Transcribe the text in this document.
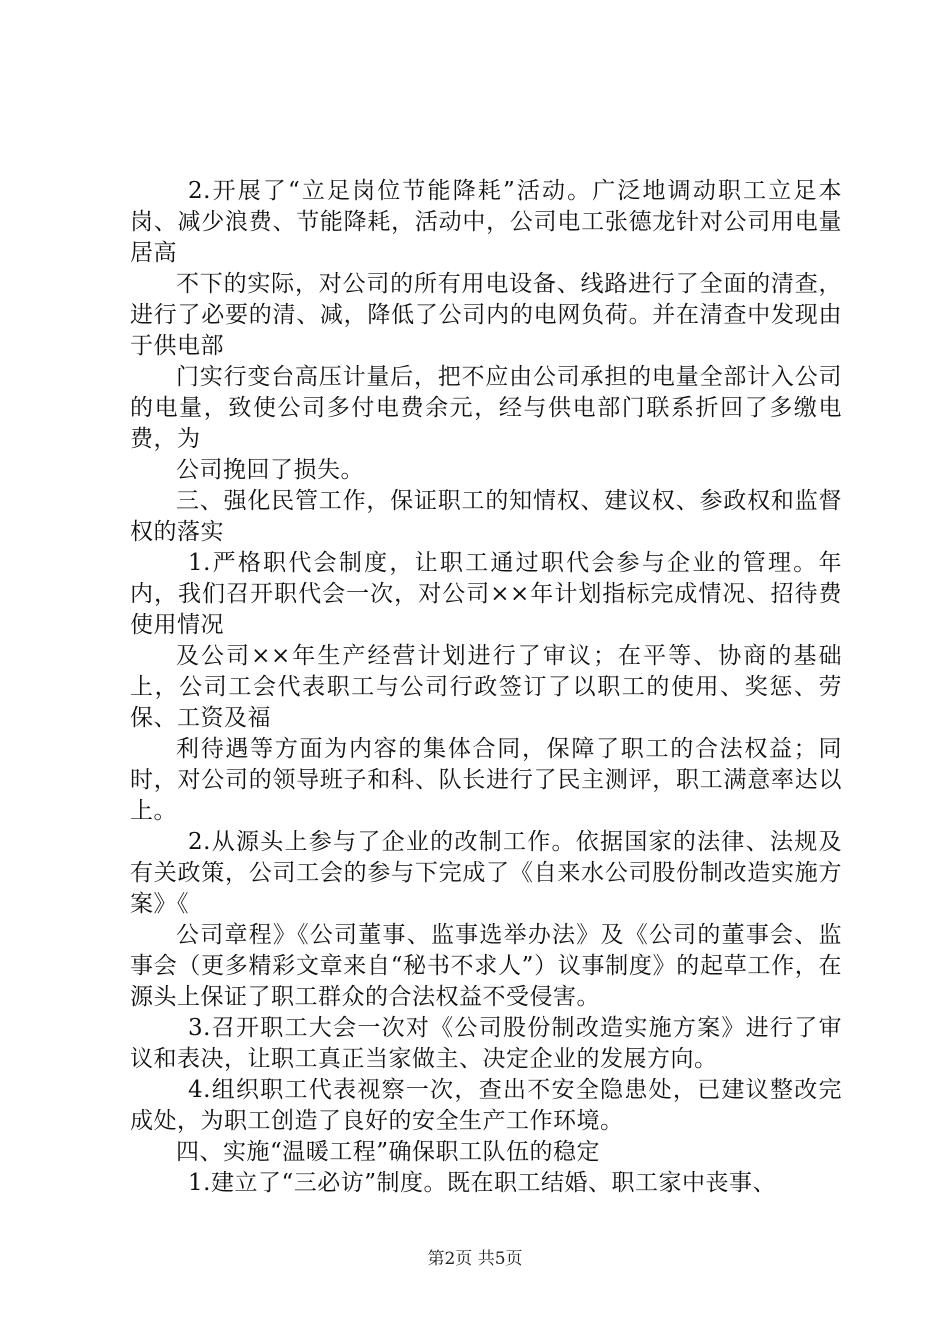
2.开展了“立足岗位节能降耗”活动。广泛地调动职工立足本岗、减少浪费、节能降耗，活动中，公司电工张德龙针对公司用电量居高

不下的实际，对公司的所有用电设备、线路进行了全面的清查，进行了必要的清、减，降低了公司内的电网负荷。并在清查中发现由于供电部

门实行变台高压计量后，把不应由公司承担的电量全部计入公司的电量，致使公司多付电费余元，经与供电部门联系折回了多缴电费，为

公司挽回了损失。

三、强化民管工作，保证职工的知情权、建议权、参政权和监督权的落实

1.严格职代会制度，让职工通过职代会参与企业的管理。年内，我们召开职代会一次，对公司××年计划指标完成情况、招待费使用情况

及公司××年生产经营计划进行了审议；在平等、协商的基础上，公司工会代表职工与公司行政签订了以职工的使用、奖惩、劳保、工资及福

利待遇等方面为内容的集体合同，保障了职工的合法权益；同时，对公司的领导班子和科、队长进行了民主测评，职工满意率达以上。

2.从源头上参与了企业的改制工作。依据国家的法律、法规及有关政策，公司工会的参与下完成了《自来水公司股份制改造实施方案》《

公司章程》《公司董事、监事选举办法》及《公司的董事会、监事会（更多精彩文章来自“秘书不求人”）议事制度》的起草工作，在源头上保证了职工群众的合法权益不受侵害。

3.召开职工大会一次对《公司股份制改造实施方案》进行了审议和表决，让职工真正当家做主、决定企业的发展方向。

4.组织职工代表视察一次，查出不安全隐患处，已建议整改完成处，为职工创造了良好的安全生产工作环境。

四、实施“温暖工程”确保职工队伍的稳定

1.建立了“三必访”制度。既在职工结婚、职工家中丧事、

第2页 共5页
